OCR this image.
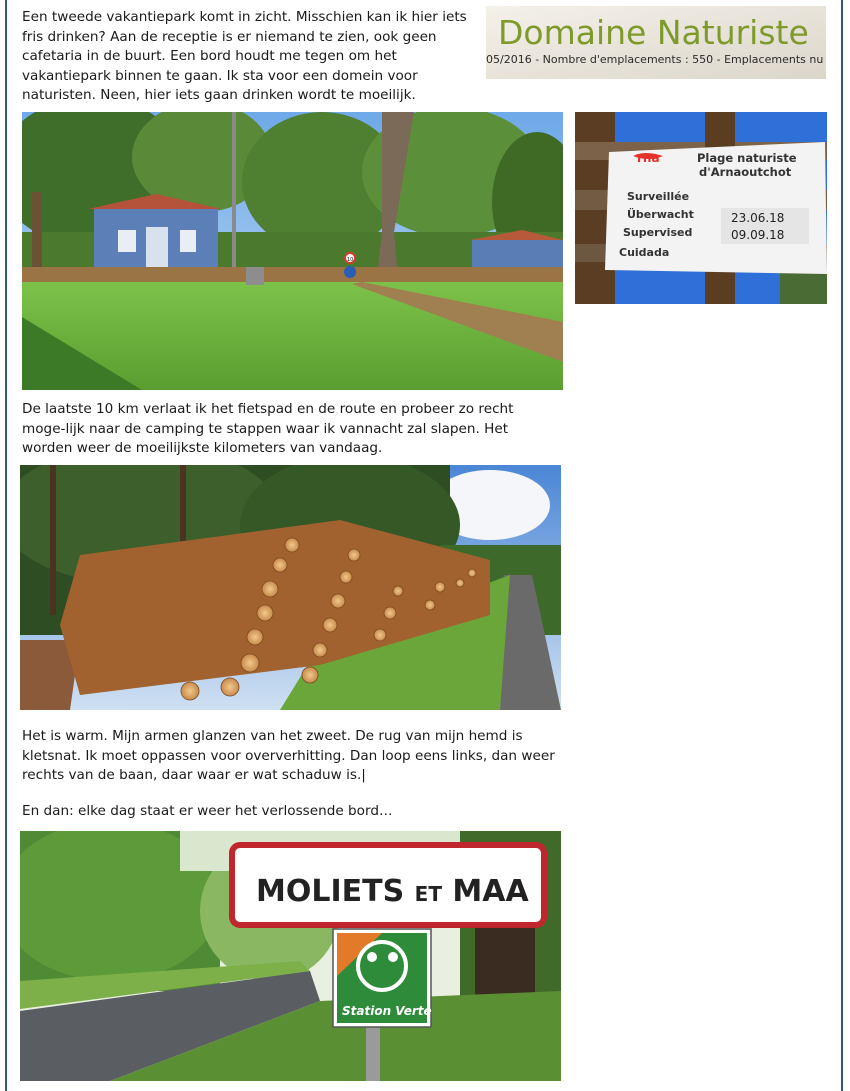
Een tweede vakantiepark komt in zicht. Misschien kan ik hier iets fris drinken? Aan de receptie is er niemand te zien, ook geen cafetaria in de buurt. Een bord houdt me tegen om het vakantiepark binnen te gaan. Ik sta voor een domein voor naturisten. Neen, hier iets gaan drinken wordt te moeilijk.

Domaine Naturiste
05/2016 - Nombre d'emplacements : 550 - Emplacements nu
10
rna	Plage naturiste
d'Arnaoutchot
Surveillée
Überwacht
Supervised
Cuidada
23.06.18
09.09.18

De laatste 10 km verlaat ik het fietspad en de route en probeer zo recht moge-lijk naar de camping te stappen waar ik vannacht zal slapen. Het worden weer de moeilijkste kilometers van vandaag.

Het is warm. Mijn armen glanzen van het zweet. De rug van mijn hemd is kletsnat. Ik moet oppassen voor oververhitting. Dan loop eens links, dan weer rechts van de baan, daar waar er wat schaduw is.|

En dan: elke dag staat er weer het verlossende bord…

MOLIETS ET MAA
Station Verte
